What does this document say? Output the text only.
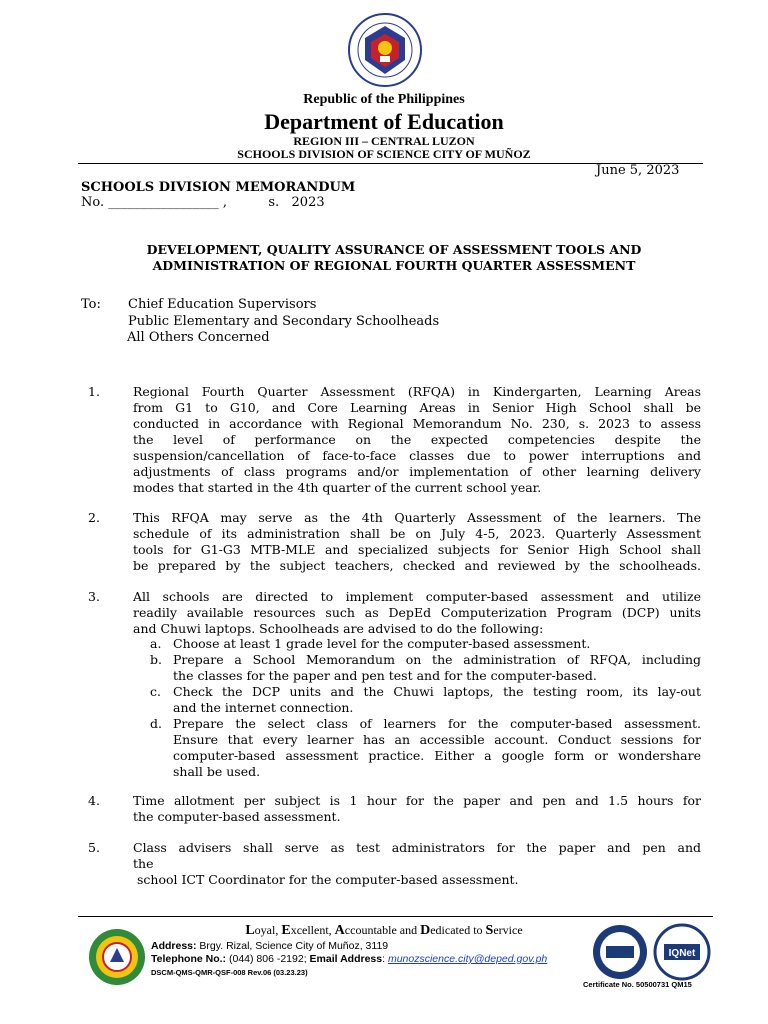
Republic of the Philippines
Department of Education
REGION III – CENTRAL LUZON
SCHOOLS DIVISION OF SCIENCE CITY OF MUÑOZ
June 5, 2023
SCHOOLS DIVISION MEMORANDUM
No. _________________ ,          s.   2023
DEVELOPMENT, QUALITY ASSURANCE OF ASSESSMENT TOOLS AND
ADMINISTRATION OF REGIONAL FOURTH QUARTER ASSESSMENT
To: Chief Education Supervisors
Public Elementary and Secondary Schoolheads
All Others Concerned
1.	Regional Fourth Quarter Assessment (RFQA) in Kindergarten, Learning Areas
from G1 to G10, and Core Learning Areas in Senior High School shall be
conducted in accordance with Regional Memorandum No. 230, s. 2023 to assess
the level of performance on the expected competencies despite the
suspension/cancellation of face-to-face classes due to power interruptions and
adjustments of class programs and/or implementation of other learning delivery
modes that started in the 4th quarter of the current school year.
2.	This RFQA may serve as the 4th Quarterly Assessment of the learners. The
schedule of its administration shall be on July 4-5, 2023. Quarterly Assessment
tools for G1-G3 MTB-MLE and specialized subjects for Senior High School shall
be prepared by the subject teachers, checked and reviewed by the schoolheads.
3.	All schools are directed to implement computer-based assessment and utilize
readily available resources such as DepEd Computerization Program (DCP) units
and Chuwi laptops. Schoolheads are advised to do the following:
a. Choose at least 1 grade level for the computer-based assessment.
b. Prepare a School Memorandum on the administration of RFQA, including
the classes for the paper and pen test and for the computer-based.
c. Check the DCP units and the Chuwi laptops, the testing room, its lay-out
and the internet connection.
d. Prepare the select class of learners for the computer-based assessment.
Ensure that every learner has an accessible account. Conduct sessions for
computer-based assessment practice. Either a google form or wondershare
shall be used.
4.	Time allotment per subject is 1 hour for the paper and pen and 1.5 hours for
the computer-based assessment.
5.	Class advisers shall serve as test administrators for the paper and pen and
the
school ICT Coordinator for the computer-based assessment.
Loyal, Excellent, Accountable and Dedicated to Service
Address: Brgy. Rizal, Science City of Muñoz, 3119
Telephone No.: (044) 806 -2192; Email Address: munozscience.city@deped.gov.ph
DSCM-QMS-QMR-QSF-008 Rev.06 (03.23.23)
IQNet
Certificate No. 50500731 QM15
